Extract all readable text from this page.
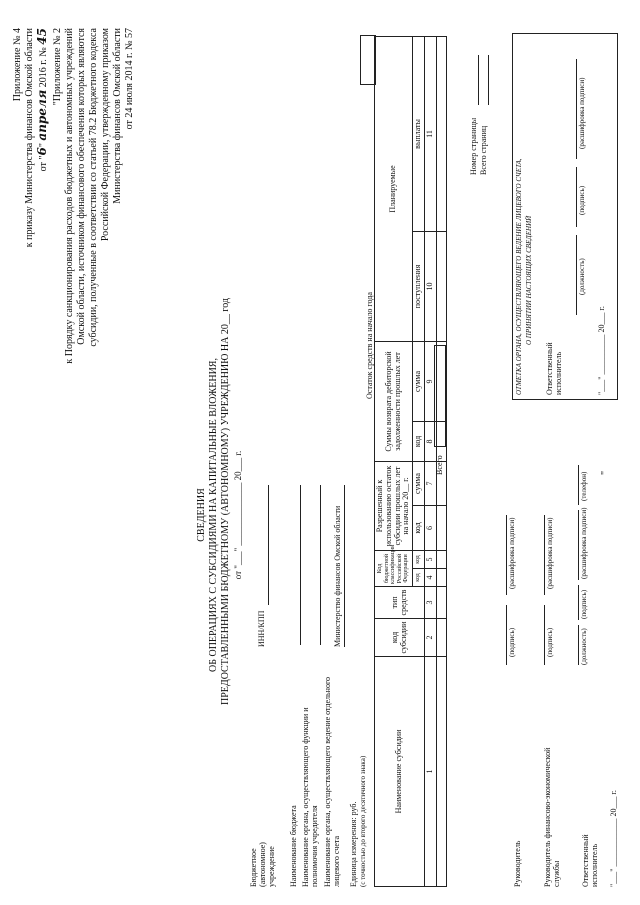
Приложение № 4 к приказу Министерства финансов Омской области от "6" апреля 2016 г. № 45 "Приложение № 2 к Порядку санкционирования расходов бюджетных и автономных учреждений Омской области, источником финансового обеспечения которых являются субсидии, полученные в соответствии со статьей 78.2 Бюджетного кодекса Российской Федерации, утвержденному приказом Министерства финансов Омской области от 24 июля 2014 г. № 57
СВЕДЕНИЯ ОБ ОПЕРАЦИЯХ С СУБСИДИЯМИ НА КАПИТАЛЬНЫЕ ВЛОЖЕНИЯ, ПРЕДОСТАВЛЕННЫМИ БЮДЖЕТНОМУ (АВТОНОМНОМУ) УЧРЕЖДЕНИЮ НА 20__ год от "___" ______________ 20___ г.
Бюджетное (автономное) учреждение
ИНН/КПП
Наименование бюджета Наименование органа, осуществляющего функции и полномочия учредителя Наименование органа, осуществляющего ведение отдельного лицевого счета
Министерство финансов Омской области
Единица измерения: руб. (с точностью до второго десятичного знака)
Остаток средств на начало года
Наименование субсидии	код субсидии	тип средств	Код бюджетной классификации Российской Федерации		Разрешенный к использованию остаток субсидии прошлых лет на начало 20__ г.		Суммы возврата дебиторской задолженности прошлых лет		Планируемые	
			код	код	код	сумма	код	сумма	поступления	выплаты
1	2	3	4	5	6	7	8	9	10	11

Всего
Номер страницы Всего страниц
Руководитель
(подпись)
(расшифровка подписи)
Руководитель финансово-экономической службы
(подпись)
(расшифровка подписи)
Ответственный исполнитель
(должность)
(подпись)
(расшифровка подписи)
(телефон)
"___" ____________ 20___ г.
"
ОТМЕТКА ОРГАНА, ОСУЩЕСТВЛЯЮЩЕГО ВЕДЕНИЕ ЛИЦЕВОГО СЧЕТА, О ПРИНЯТИИ НАСТОЯЩИХ СВЕДЕНИЙ
Ответственный исполнитель
(должность)
(подпись)
(расшифровка подписи)
"___" __________ 20___ г.
